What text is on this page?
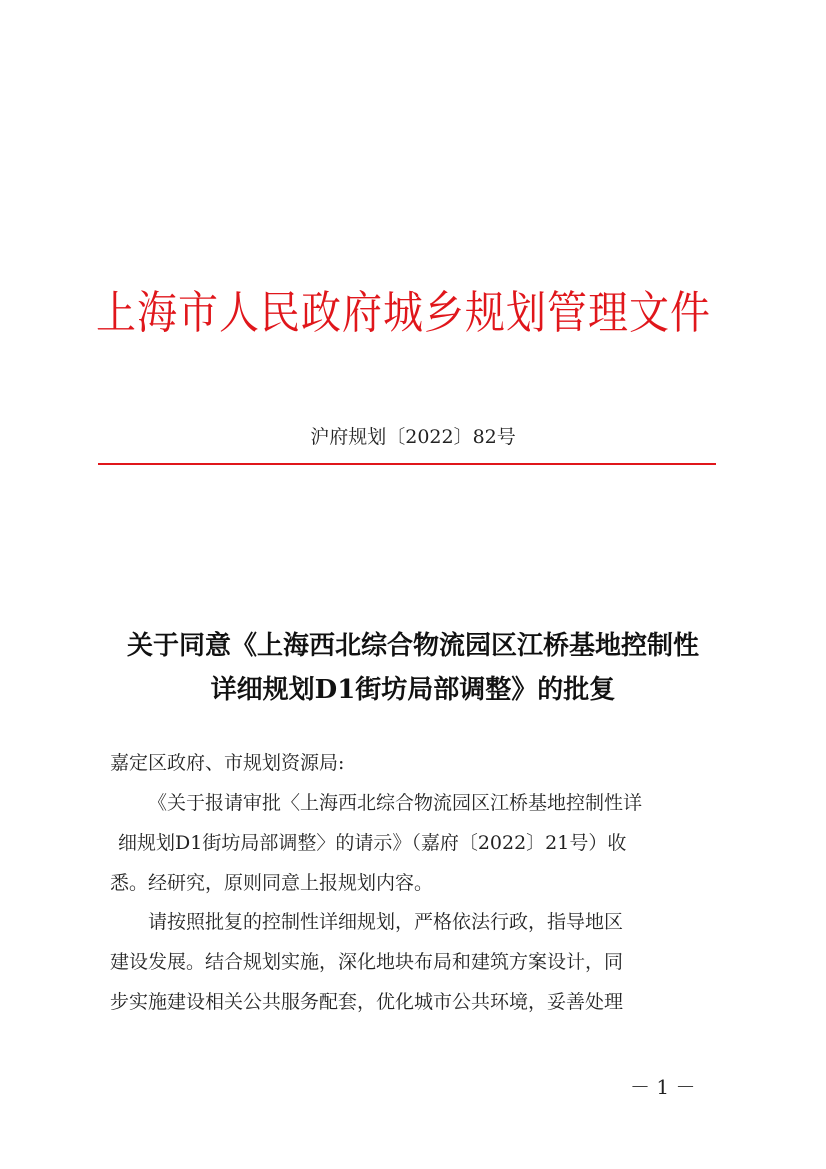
上海市人民政府城乡规划管理文件
沪府规划〔2022〕82号
关于同意《上海西北综合物流园区江桥基地控制性
详细规划D1街坊局部调整》的批复
嘉定区政府、市规划资源局:
《关于报请审批〈上海西北综合物流园区江桥基地控制性详
细规划D1街坊局部调整〉的请示》（嘉府〔2022〕21号）收
悉。经研究，原则同意上报规划内容。
请按照批复的控制性详细规划，严格依法行政，指导地区
建设发展。结合规划实施，深化地块布局和建筑方案设计，同
步实施建设相关公共服务配套，优化城市公共环境，妥善处理
－ 1 －
